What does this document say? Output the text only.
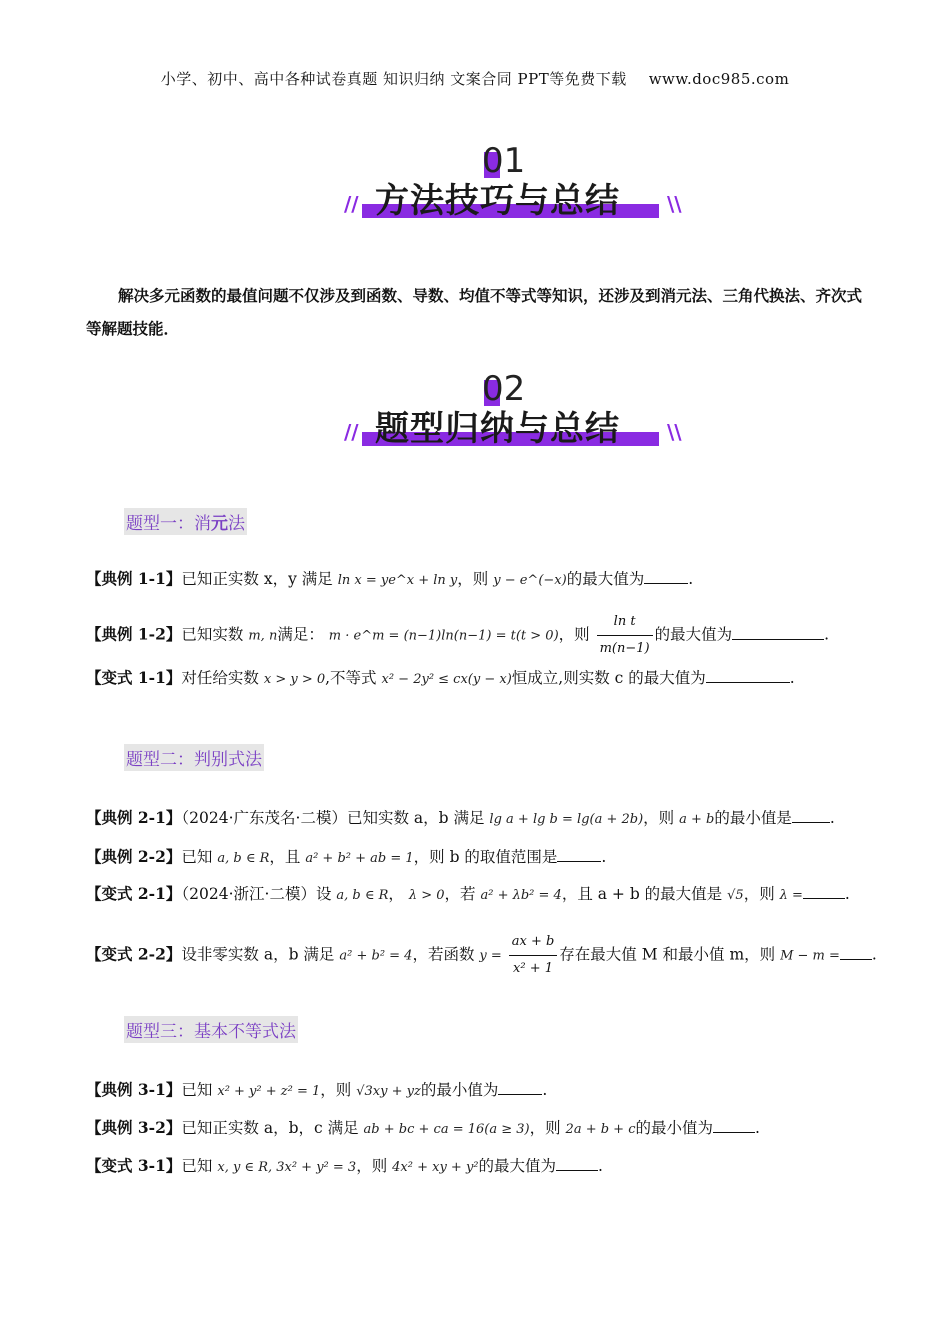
小学、初中、高中各种试卷真题 知识归纳 文案合同 PPT等免费下载 www.doc985.com
01
方法技巧与总结
//	\\
解决多元函数的最值问题不仅涉及到函数、导数、均值不等式等知识，还涉及到消元法、三角代换法、齐次式等解题技能．
02
题型归纳与总结
//	\\
题型一：消元法
【典例 1-1】已知正实数 x，y 满足 ln x = ye^x + ln y，则 y − e^(−x)的最大值为	.
【典例 1-2】已知实数 m, n满足： m · e^m = (n−1)ln(n−1) = t(t > 0)，则 $\frac{\text{ln t}}{m(n-1)}$ 的最大值为	.
【变式 1-1】对任给实数 x > y > 0,不等式 x² − 2y² ≤ cx(y − x)恒成立,则实数 c 的最大值为	.
题型二：判别式法
【典例 2-1】（2024·广东茂名·二模）已知实数 a，b 满足 lg a + lg b = lg(a + 2b)，则 a + b的最小值是 .
【典例 2-2】已知 a, b ∈ R，且 a² + b² + ab = 1，则 b 的取值范围是	.
【变式 2-1】（2024·浙江·二模）设 a, b ∈ R， λ > 0，若 a² + λb² = 4，且 a + b 的最大值是 √5，则 λ =	.
【变式 2-2】设非零实数 a，b 满足 a² + b² = 4，若函数 $y = \frac{ax + b}{\text{x² + 1}}$ 存在最大值 M 和最小值 m，则 M − m = .
题型三：基本不等式法
【典例 3-1】已知 x² + y² + z² = 1，则 √3xy + yz的最小值为	.
【典例 3-2】已知正实数 a，b，c 满足 ab + bc + ca = 16(a ≥ 3)，则 2a + b + c的最小值为	.
【变式 3-1】已知 x, y ∈ R, 3x² + y² = 3，则 4x² + xy + y²的最大值为	.
